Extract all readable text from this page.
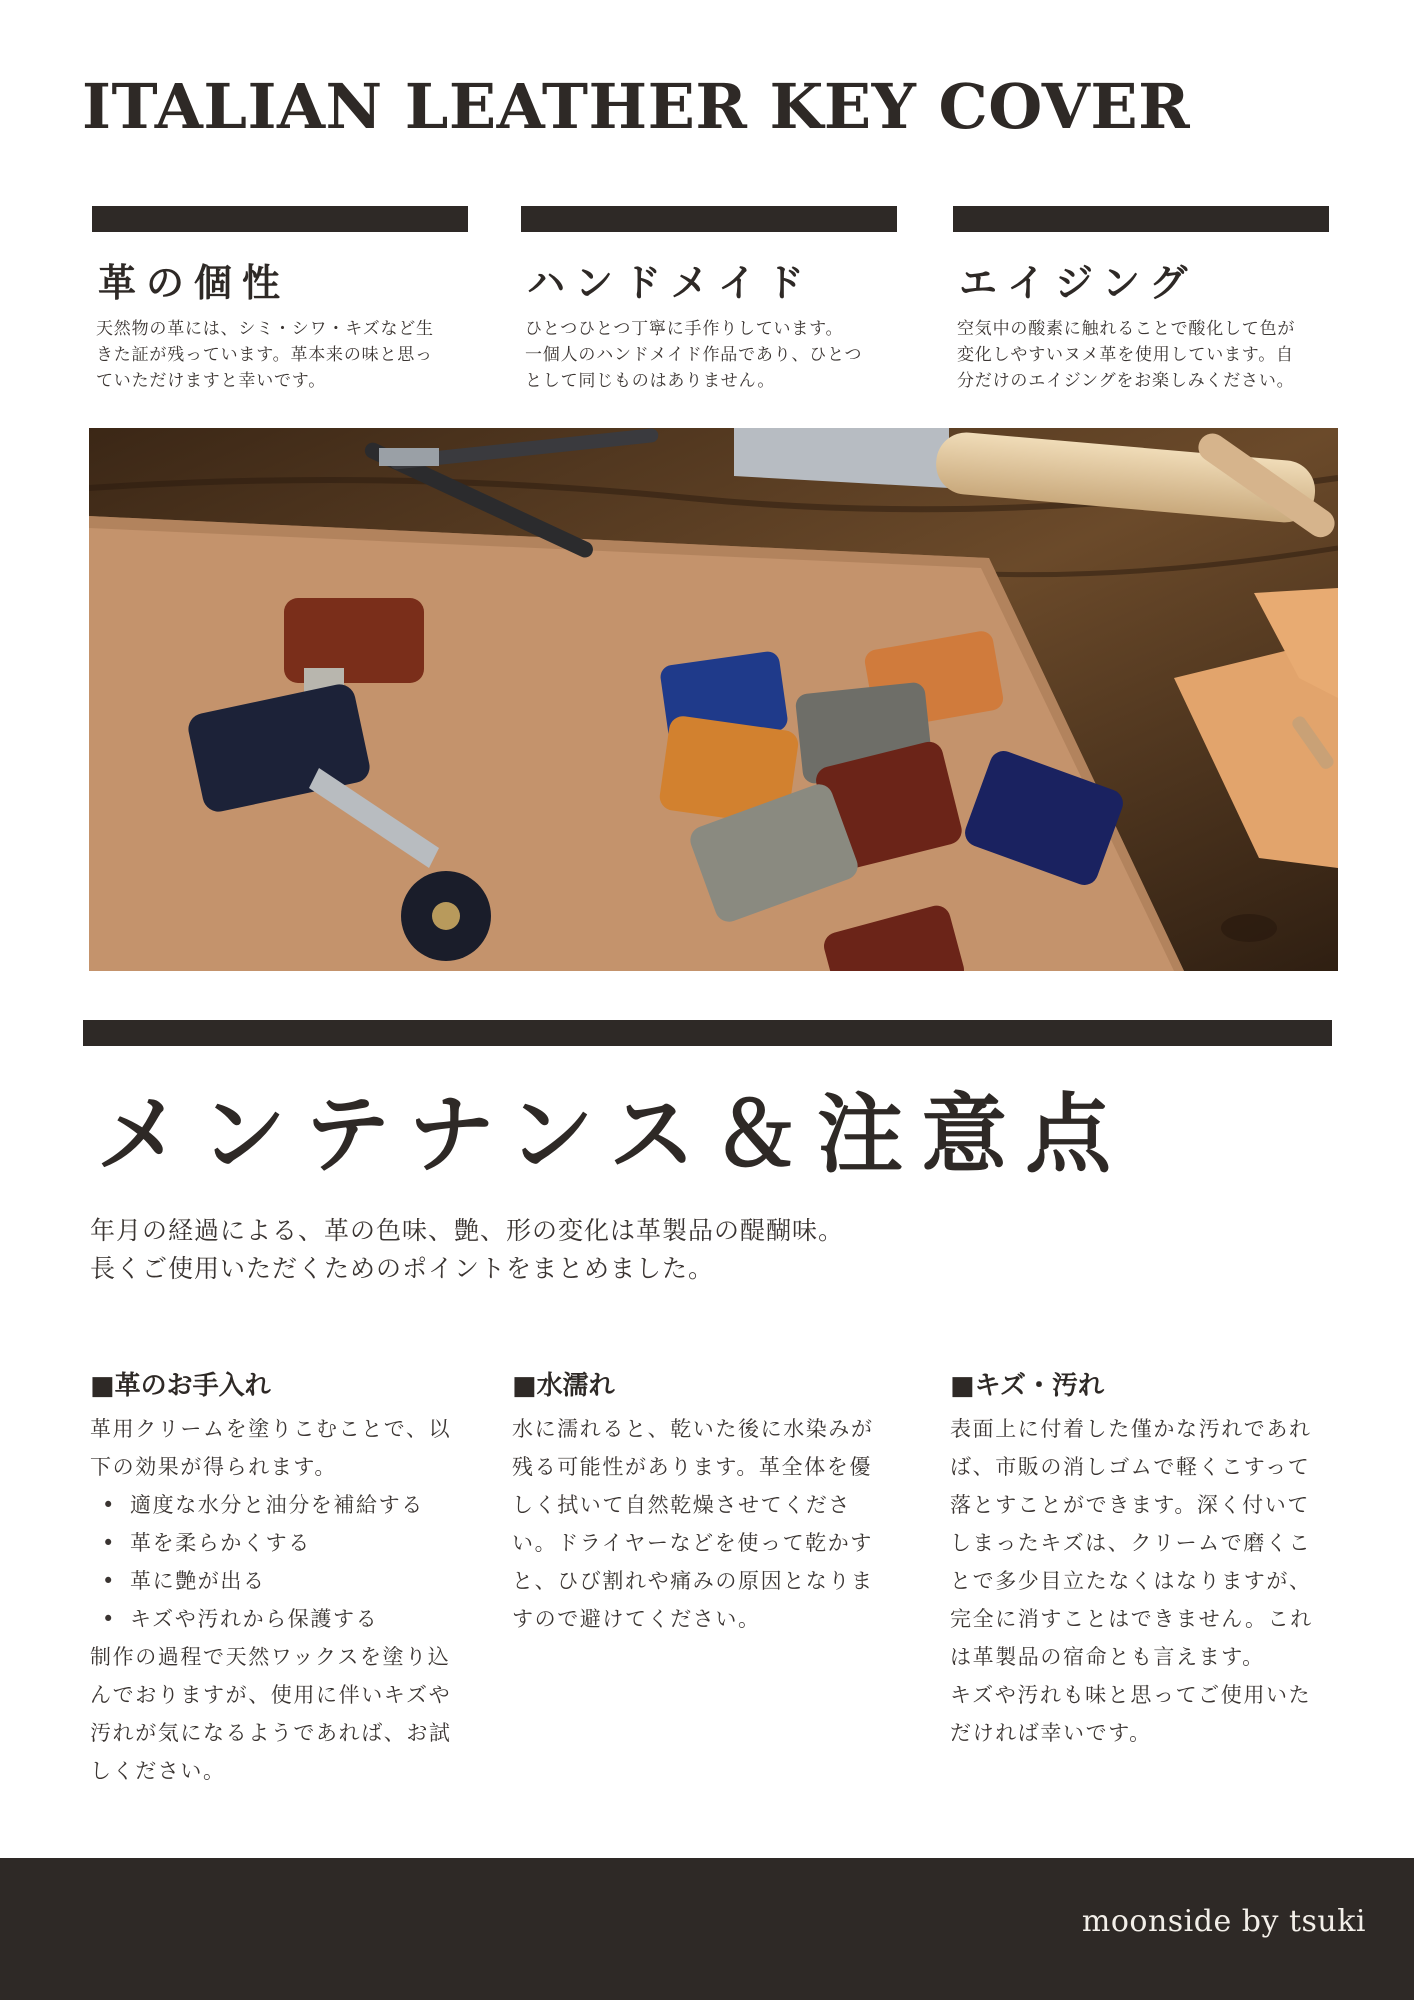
ITALIAN LEATHER KEY COVER
革の個性
天然物の革には、シミ・シワ・キズなど生
きた証が残っています。革本来の味と思っ
ていただけますと幸いです。
ハンドメイド
ひとつひとつ丁寧に手作りしています。
一個人のハンドメイド作品であり、ひとつ
として同じものはありません。
エイジング
空気中の酸素に触れることで酸化して色が
変化しやすいヌメ革を使用しています。自
分だけのエイジングをお楽しみください。
メンテナンス＆注意点
年月の経過による、革の色味、艶、形の変化は革製品の醍醐味。
長くご使用いただくためのポイントをまとめました。
■革のお手入れ
革用クリームを塗りこむことで、以
下の効果が得られます。
• 適度な水分と油分を補給する
• 革を柔らかくする
• 革に艶が出る
• キズや汚れから保護する
制作の過程で天然ワックスを塗り込
んでおりますが、使用に伴いキズや
汚れが気になるようであれば、お試
しください。
■水濡れ
水に濡れると、乾いた後に水染みが
残る可能性があります。革全体を優
しく拭いて自然乾燥させてくださ
い。ドライヤーなどを使って乾かす
と、ひび割れや痛みの原因となりま
すので避けてください。
■キズ・汚れ
表面上に付着した僅かな汚れであれ
ば、市販の消しゴムで軽くこすって
落とすことができます。深く付いて
しまったキズは、クリームで磨くこ
とで多少目立たなくはなりますが、
完全に消すことはできません。これ
は革製品の宿命とも言えます。
キズや汚れも味と思ってご使用いた
だければ幸いです。
moonside by tsuki
